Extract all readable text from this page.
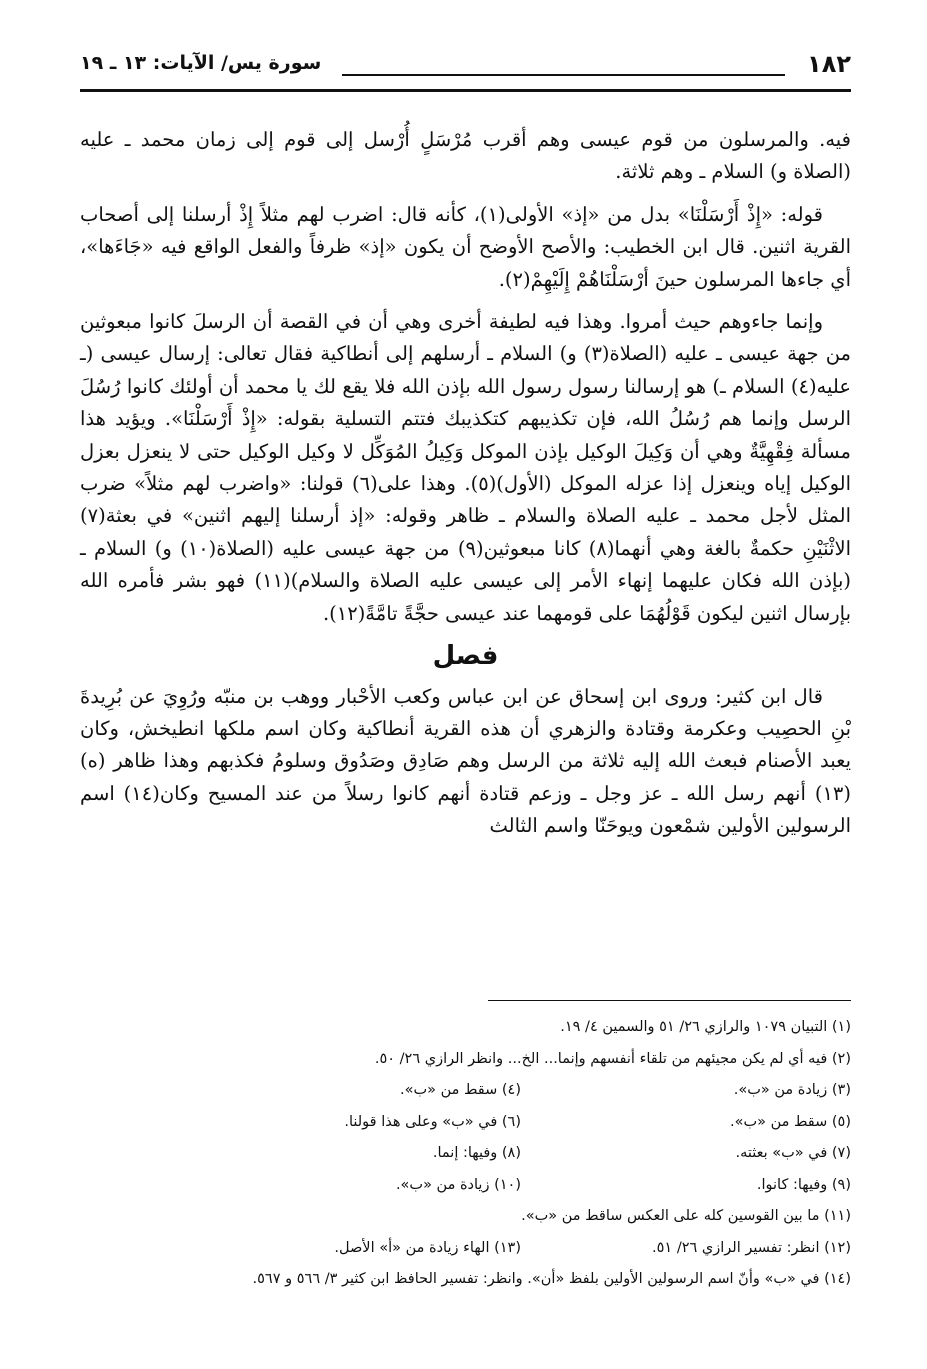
١٨٢
سورة يس/ الآيات: ١٣ ـ ١٩

فيه. والمرسلون من قوم عيسى وهم أقرب مُرْسَلٍ أُرْسل إلى قوم إلى زمان محمد ـ عليه (الصلاة و) السلام ـ وهم ثلاثة.

قوله: «إِذْ أَرْسَلْنَا» بدل من «إذ» الأولى(١)، كأنه قال: اضرب لهم مثلاً إِذْ أرسلنا إلى أصحاب القرية اثنين. قال ابن الخطيب: والأصح الأوضح أن يكون «إذ» ظرفاً والفعل الواقع فيه «جَاءَها»، أي جاءها المرسلون حينَ أرْسَلْنَاهُمْ إِلَيْهِمْ(٢).

وإنما جاءوهم حيث أمروا. وهذا فيه لطيفة أخرى وهي أن في القصة أن الرسلَ كانوا مبعوثين من جهة عيسى ـ عليه (الصلاة(٣) و) السلام ـ أرسلهم إلى أنطاكية فقال تعالى: إرسال عيسى (ـ عليه(٤) السلام ـ) هو إرسالنا رسول رسول الله بإذن الله فلا يقع لك يا محمد أن أولئك كانوا رُسُلَ الرسل وإنما هم رُسُلُ الله، فإن تكذيبهم كتكذيبك فتتم التسلية بقوله: «إِذْ أَرْسَلْنَا». ويؤيد هذا مسألة فِقْهِيَّةٌ وهي أن وَكِيلَ الوكيل بإذن الموكل وَكِيلُ المُوَكِّل لا وكيل الوكيل حتى لا ينعزل بعزل الوكيل إياه وينعزل إذا عزله الموكل (الأول)(٥). وهذا على(٦) قولنا: «واضرب لهم مثلاً» ضرب المثل لأجل محمد ـ عليه الصلاة والسلام ـ ظاهر وقوله: «إذ أرسلنا إليهم اثنين» في بعثة(٧) الاثْنَيْنِ حكمةٌ بالغة وهي أنهما(٨) كانا مبعوثين(٩) من جهة عيسى عليه (الصلاة(١٠) و) السلام ـ (بإذن الله فكان عليهما إنهاء الأمر إلى عيسى عليه الصلاة والسلام)(١١) فهو بشر فأمره الله بإرسال اثنين ليكون قَوْلُهُمَا على قومهما عند عيسى حجَّةً تامَّةً(١٢).

فصل

قال ابن كثير: وروى ابن إسحاق عن ابن عباس وكعب الأحْبار ووهب بن منبّه ورُوِيَ عن بُرِيدةَ بْنِ الحصِيب وعكرمة وقتادة والزهري أن هذه القرية أنطاكية وكان اسم ملكها انطيخش، وكان يعبد الأصنام فبعث الله إليه ثلاثة من الرسل وهم صَادِق وصَدُوق وسلومُ فكذبهم وهذا ظاهر (ه)(١٣) أنهم رسل الله ـ عز وجل ـ وزعم قتادة أنهم كانوا رسلاً من عند المسيح وكان(١٤) اسم الرسولين الأولين شمْعون ويوحَنّا واسم الثالث

(١) التبيان ١٠٧٩ والرازي ٢٦/ ٥١ والسمين ٤/ ١٩.
(٢) فيه أي لم يكن مجيئهم من تلقاء أنفسهم وإنما... الخ... وانظر الرازي ٢٦/ ٥٠.
(٣) زيادة من «ب».
(٤) سقط من «ب».
(٥) سقط من «ب».
(٦) في «ب» وعلى هذا قولنا.
(٧) في «ب» بعثته.
(٨) وفيها: إنما.
(٩) وفيها: كانوا.
(١٠) زيادة من «ب».
(١١) ما بين القوسين كله على العكس ساقط من «ب».
(١٢) انظر: تفسير الرازي ٢٦/ ٥١.
(١٣) الهاء زيادة من «أ» الأصل.
(١٤) في «ب» وأنّ اسم الرسولين الأولين بلفظ «أن». وانظر: تفسير الحافظ ابن كثير ٣/ ٥٦٦ و ٥٦٧.
